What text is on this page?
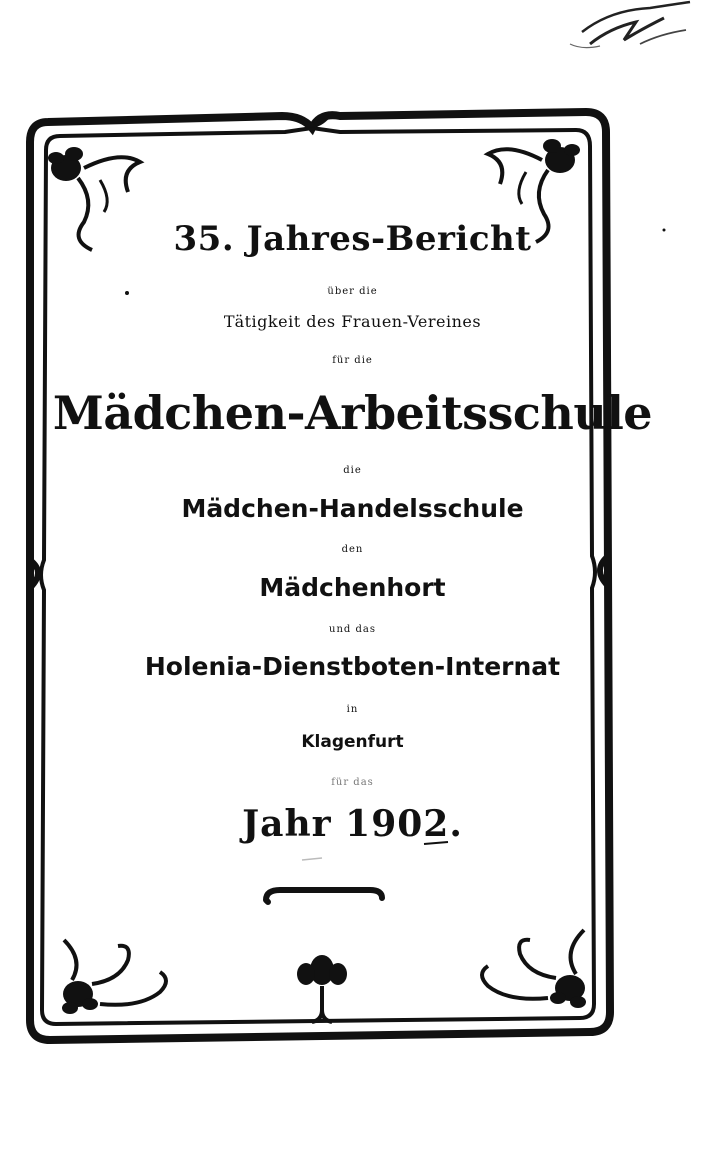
35. Jahres-Bericht
über die
Tätigkeit des Frauen-Vereines
für die
Mädchen-Arbeitsschule
die
Mädchen-Handelsschule
den
Mädchenhort
und das
Holenia-Dienstboten-Internat
in
Klagenfurt
für das
Jahr 1902.
